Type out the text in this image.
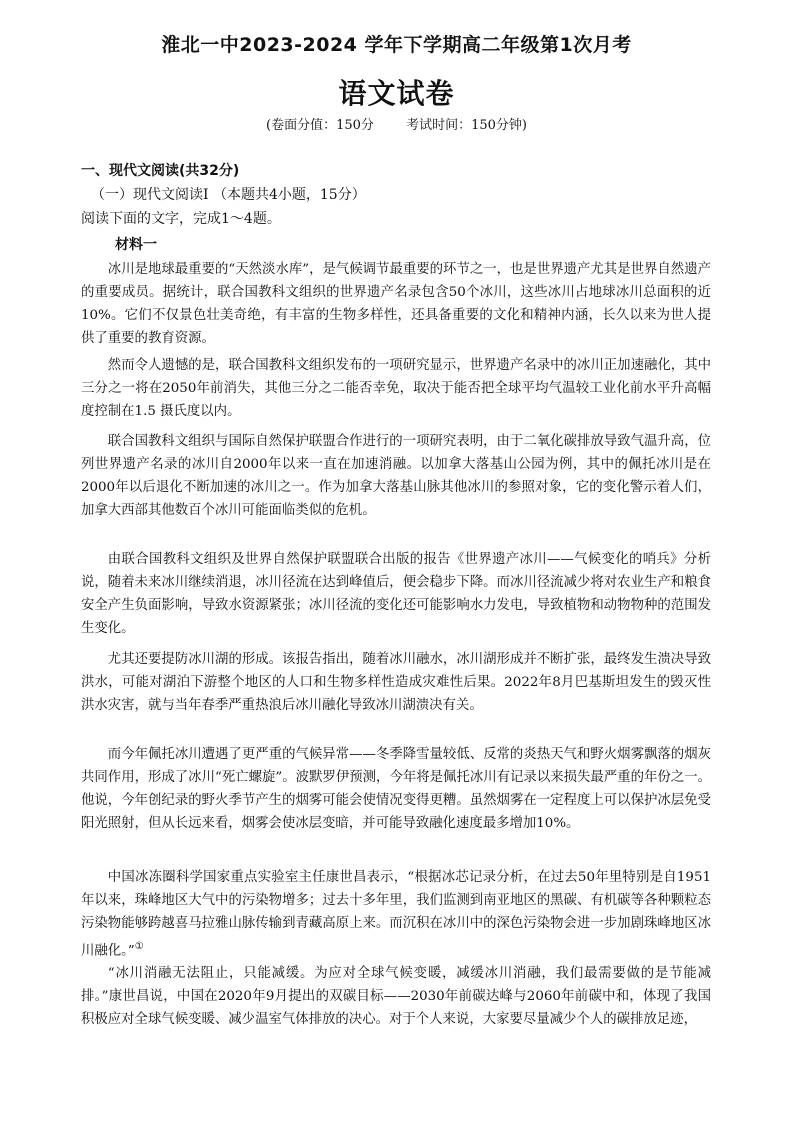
淮北一中2023-2024 学年下学期高二年级第1次月考
语文试卷
(卷面分值：150分 考试时间：150分钟)
一、现代文阅读(共32分)
（一）现代文阅读I （本题共4小题，15分）
阅读下面的文字，完成1～4题。
材料一

冰川是地球最重要的“天然淡水库”，是气候调节最重要的环节之一，也是世界遗产尤其是世界自然遗产的重要成员。据统计，联合国教科文组织的世界遗产名录包含50个冰川，这些冰川占地球冰川总面积的近10%。它们不仅景色壮美奇绝，有丰富的生物多样性，还具备重要的文化和精神内涵，长久以来为世人提供了重要的教育资源。

然而令人遗憾的是，联合国教科文组织发布的一项研究显示，世界遗产名录中的冰川正加速融化，其中三分之一将在2050年前消失，其他三分之二能否幸免，取决于能否把全球平均气温较工业化前水平升高幅度控制在1.5 摄氏度以内。

联合国教科文组织与国际自然保护联盟合作进行的一项研究表明，由于二氧化碳排放导致气温升高，位列世界遗产名录的冰川自2000年以来一直在加速消融。以加拿大落基山公园为例，其中的佩托冰川是在2000年以后退化不断加速的冰川之一。作为加拿大落基山脉其他冰川的参照对象，它的变化警示着人们，加拿大西部其他数百个冰川可能面临类似的危机。

由联合国教科文组织及世界自然保护联盟联合出版的报告《世界遗产冰川——气候变化的哨兵》分析说，随着未来冰川继续消退，冰川径流在达到峰值后，便会稳步下降。而冰川径流减少将对农业生产和粮食安全产生负面影响，导致水资源紧张；冰川径流的变化还可能影响水力发电，导致植物和动物物种的范围发生变化。

尤其还要提防冰川湖的形成。该报告指出，随着冰川融水，冰川湖形成并不断扩张，最终发生溃决导致洪水，可能对湖泊下游整个地区的人口和生物多样性造成灾难性后果。2022年8月巴基斯坦发生的毁灭性洪水灾害，就与当年春季严重热浪后冰川融化导致冰川湖溃决有关。

而今年佩托冰川遭遇了更严重的气候异常——冬季降雪量较低、反常的炎热天气和野火烟雾飘落的烟灰共同作用，形成了冰川“死亡螺旋”。波默罗伊预测，今年将是佩托冰川有记录以来损失最严重的年份之一。他说，今年创纪录的野火季节产生的烟雾可能会使情况变得更糟。虽然烟雾在一定程度上可以保护冰层免受阳光照射，但从长远来看，烟雾会使冰层变暗，并可能导致融化速度最多增加10%。

中国冰冻圈科学国家重点实验室主任康世昌表示，“根据冰芯记录分析，在过去50年里特别是自1951年以来，珠峰地区大气中的污染物增多；过去十多年里，我们监测到南亚地区的黑碳、有机碳等各种颗粒态污染物能够跨越喜马拉雅山脉传输到青藏高原上来。而沉积在冰川中的深色污染物会进一步加剧珠峰地区冰川融化。”①

“冰川消融无法阻止，只能减缓。为应对全球气候变暖，减缓冰川消融，我们最需要做的是节能减排。”康世昌说，中国在2020年9月提出的双碳目标——2030年前碳达峰与2060年前碳中和，体现了我国积极应对全球气候变暖、减少温室气体排放的决心。对于个人来说，大家要尽量减少个人的碳排放足迹，
